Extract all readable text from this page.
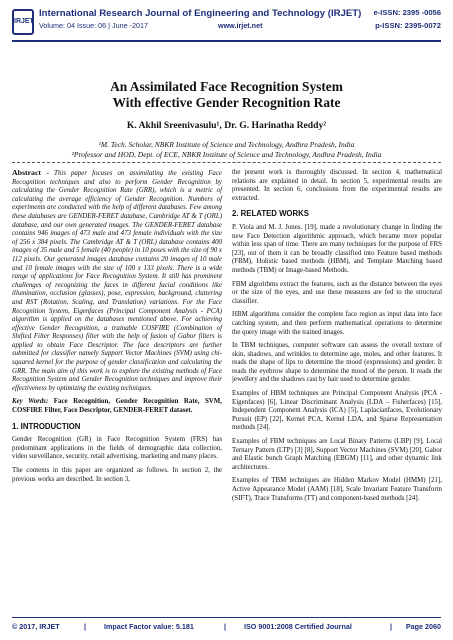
IRJET
International Research Journal of Engineering and Technology (IRJET)
Volume: 04 Issue: 06 | June -2017	www.irjet.net
e-ISSN: 2395 -0056
p-ISSN: 2395-0072
An Assimilated Face Recognition System
With effective Gender Recognition Rate
K. Akhil Sreenivasulu¹, Dr. G. Harinatha Reddy²
¹M. Tech. Scholar, NBKR Institute of Science and Technology, Andhra Pradesh, India
²Professor and HOD, Dept. of ECE, NBKR Institute of Science and Technology, Andhra Pradesh, India

Abstract - This paper focuses on assimilating the existing Face Recognition techniques and also to perform Gender Recognition by calculating the Gender Recognition Rate (GRR), which is a metric of calculating the average efficiency of Gender Recognition. Numbers of experiments are conducted with the help of different databases. Few among these databases are GENDER-FERET database, Cambridge AT & T (ORL) database, and our own generated images. The GENDER-FERET database contains 946 images of 473 male and 473 female individuals with the size of 256 x 384 pixels. The Cambridge AT & T (ORL) database contains 400 images of 35 male and 5 female (40 people) in 10 poses with the size of 90 x 112 pixels. Our generated images database contains 20 images of 10 male and 10 female images with the size of 100 x 133 pixels. There is a wide range of applications for Face Recognition System. It still has prominent challenges of recognizing the faces in different facial conditions like illumination, occlusion (glasses), pose, expression, background, cluttering and RST (Rotation, Scaling, and Translation) variations. For the Face Recognition System, Eigenfaces (Principal Component Analysis - PCA) algorithm is applied on the databases mentioned above. For achieving effective Gender Recognition, a trainable COSFIRE (Combination of Shifted Filter Responses) filter with the help of fusion of Gabor filters is applied to obtain Face Descriptor. The face descriptors are further submitted for classifier namely Support Vector Machines (SVM) using chi-squared kernel for the purpose of gender classification and calculating the GRR. The main aim of this work is to explore the existing methods of Face Recognition System and Gender Recognition techniques and improve their effectiveness by optimizing the existing techniques.

Key Words: Face Recognition, Gender Recognition Rate, SVM, COSFIRE Filter, Face Descriptor, GENDER-FERET dataset.

1. INTRODUCTION

Gender Recognition (GR) in Face Recognition System (FRS) has predominant applications in the fields of demographic data collection, video surveillance, security, retail advertising, marketing and many places.

The contents in this paper are organized as follows. In section 2, the previous works are described. In section 3,

the present work is thoroughly discussed. In section 4, mathematical relations are explained in detail. In section 5, experimental results are presented. In section 6, conclusions from the experimental results are extracted.

2. RELATED WORKS

P. Viola and M. J. Jones. [19], made a revolutionary change in finding the new Face Detection algorithmic approach, which became more popular within less span of time. There are many techniques for the purpose of FRS [23], out of them it can be broadly classified into Feature based methods (FBM), Holistic based methods (HBM), and Template Matching based methods (TBM) or Image-based Methods.

FBM algorithms extract the features, such as the distance between the eyes or the size of the eyes, and use these measures are fed to the structural classifier.

HBM algorithms consider the complete face region as input data into face catching system, and then perform mathematical operations to determine the query image with the trained images.

In TBM techniques, computer software can assess the overall texture of skin, shadows, and wrinkles to determine age, moles, and other features. It reads the shape of lips to determine the mood (expressions) and gender. It reads the eyebrow shape to determine the mood of the person. It reads the jewellery and the shadows cast by hair used to determine gender.

Examples of HBM techniques are Principal Component Analysis (PCA - Eigenfaces) [6], Linear Discriminant Analysis (LDA – Fisherfaces) [15], Independent Component Analysis (ICA) [5], Laplacianfaces, Evolutionary Pursuit (EP) [22], Kernel PCA, Kernel LDA, and Sparse Representation methods [24].

Examples of FBM techniques are Local Binary Patterns (LBP) [9], Local Ternary Pattern (LTP) [3] [8], Support Vector Machines (SVM) [20], Gabor and Elastic bunch Graph Matching (EBGM) [11], and other dynamic link architectures.

Examples of TBM techniques are Hidden Markov Model (HMM) [21], Active Appearance Model (AAM) [18], Scale Invariant Feature Transform (SIFT), Trace Transforms (TT) and component-based methods [24].

© 2017, IRJET	| Impact Factor value: 5.181	| ISO 9001:2008 Certified Journal	| Page 2060
